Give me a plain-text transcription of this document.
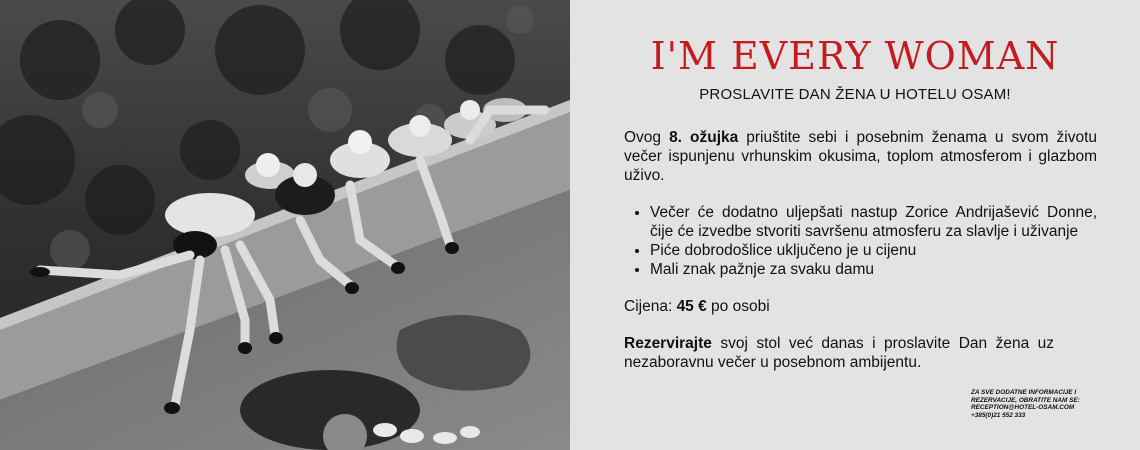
I'M EVERY WOMAN

PROSLAVITE DAN ŽENA U HOTELU OSAM!

Ovog 8. ožujka priuštite sebi i posebnim ženama u svom životu večer ispunjenu vrhunskim okusima, toplom atmosferom i glazbom uživo.

• Večer će dodatno uljepšati nastup Zorice Andrijašević Donne, čije će izvedbe stvoriti savršenu atmosferu za slavlje i uživanje
• Piće dobrodošlice uključeno je u cijenu
• Mali znak pažnje za svaku damu

Cijena: 45 € po osobi

Rezervirajte svoj stol već danas i proslavite Dan žena uz nezaboravnu večer u posebnom ambijentu.

ZA SVE DODATNE INFORMACIJE I
REZERVACIJE, OBRATITE NAM SE:
RECEPTION@HOTEL-OSAM.COM
+385(0)21 552 333
